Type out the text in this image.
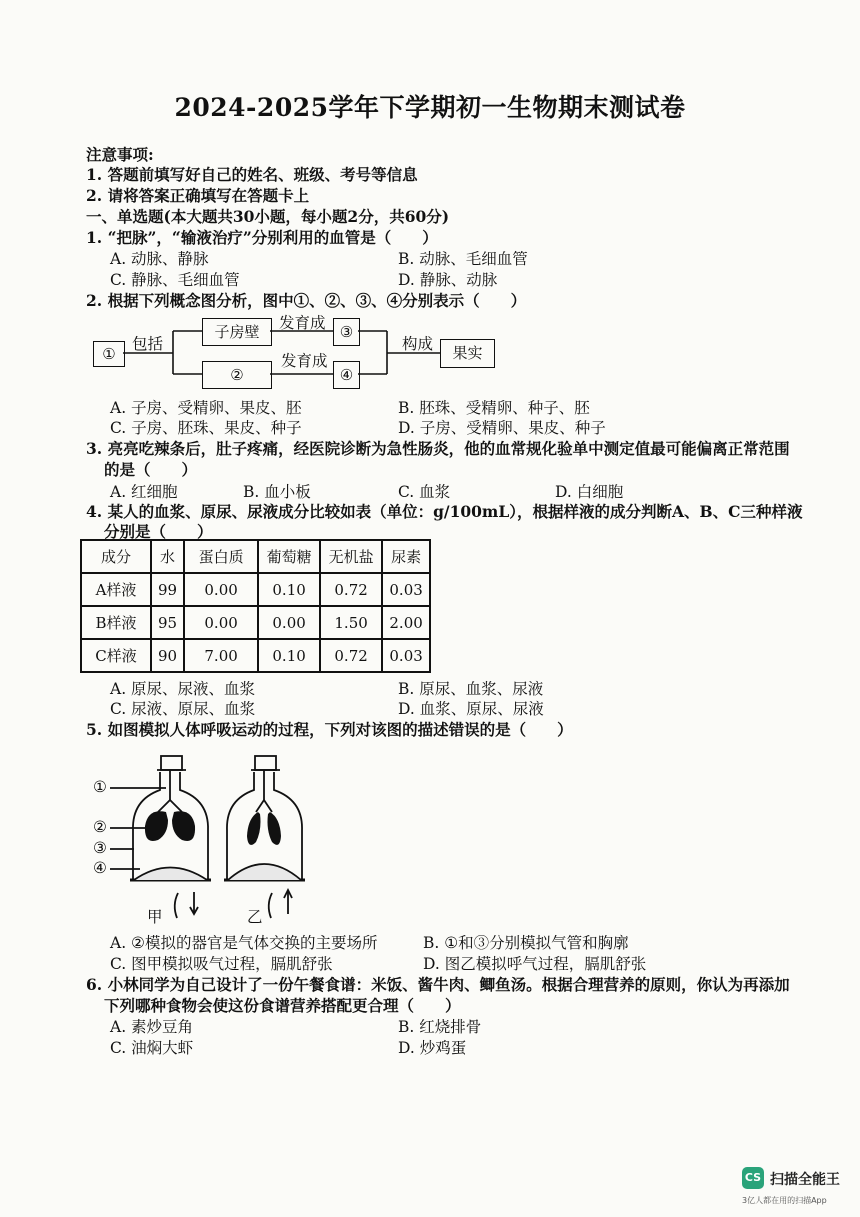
2024-2025学年下学期初一生物期末测试卷
注意事项:
1. 答题前填写好自己的姓名、班级、考号等信息
2. 请将答案正确填写在答题卡上
一、单选题(本大题共30小题，每小题2分，共60分)
1. “把脉”，“输液治疗”分别利用的血管是（　　）
A. 动脉、静脉	B. 动脉、毛细血管
C. 静脉、毛细血管	D. 静脉、动脉
2. 根据下列概念图分析，图中①、②、③、④分别表示（　　）
①
包括
子房壁	发育成 ③
②
发育成
④
构成	果实
A. 子房、受精卵、果皮、胚	B. 胚珠、受精卵、种子、胚
C. 子房、胚珠、果皮、种子	D. 子房、受精卵、果皮、种子
3. 亮亮吃辣条后，肚子疼痛，经医院诊断为急性肠炎，他的血常规化验单中测定值最可能偏离正常范围
的是（　　）
A. 红细胞	B. 血小板	C. 血浆	D. 白细胞
4. 某人的血浆、原尿、尿液成分比较如表（单位：g/100mL），根据样液的成分判断A、B、C三种样液
分别是（　　）
成分	水	蛋白质	葡萄糖	无机盐	尿素
A样液	99	0.00	0.10	0.72	0.03
B样液	95	0.00	0.00	1.50	2.00
C样液	90	7.00	0.10	0.72	0.03
A. 原尿、尿液、血浆	B. 原尿、血浆、尿液
C. 尿液、原尿、血浆	D. 血浆、原尿、尿液
5. 如图模拟人体呼吸运动的过程，下列对该图的描述错误的是（　　）
①
②
③
④
甲	乙
A. ②模拟的器官是气体交换的主要场所	B. ①和③分别模拟气管和胸廓
C. 图甲模拟吸气过程，膈肌舒张	D. 图乙模拟呼气过程，膈肌舒张
6. 小林同学为自己设计了一份午餐食谱：米饭、酱牛肉、鲫鱼汤。根据合理营养的原则，你认为再添加
下列哪种食物会使这份食谱营养搭配更合理（　　）
A. 素炒豆角	B. 红烧排骨
C. 油焖大虾	D. 炒鸡蛋
CS 扫描全能王
3亿人都在用的扫描App
